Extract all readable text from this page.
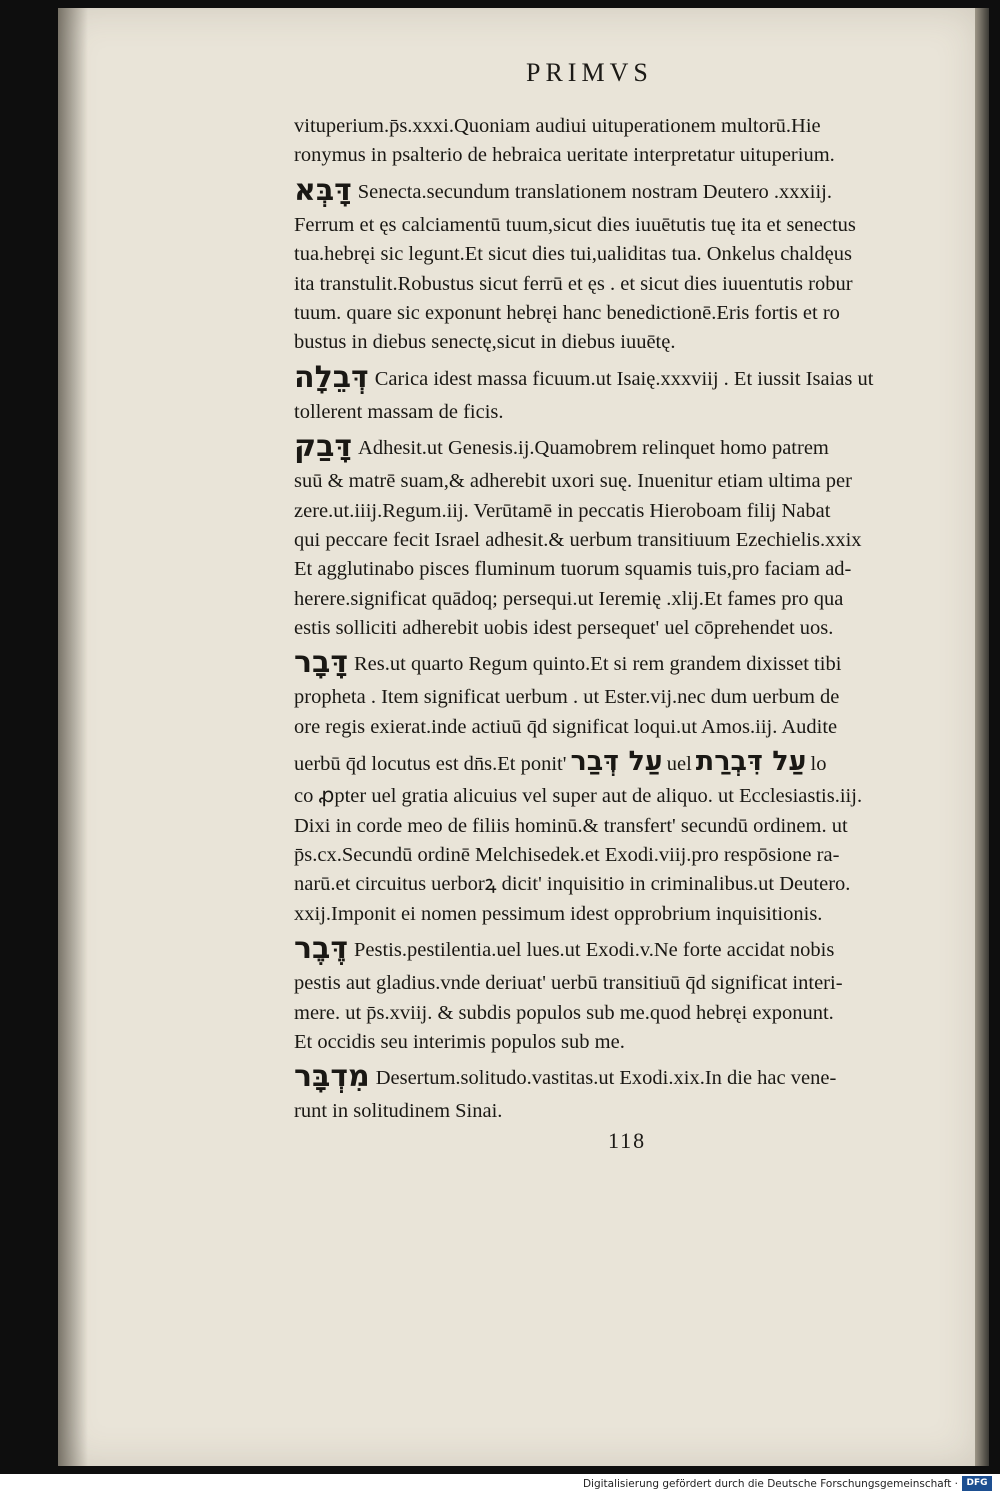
PRIMVS
vituperium.p̄s.xxxi.Quoniam audiui uituperationem multorū.Hie
ronymus in psalterio de hebraica ueritate interpretatur uituperium.
דָּבְּא Senecta.secundum translationem nostram Deutero .xxxiij.
Ferrum et ęs calciamentū tuum,sicut dies iuuētutis tuę ita et senectus
tua.hebręi sic legunt.Et sicut dies tui,ualiditas tua. Onkelus chaldęus
ita transtulit.Robustus sicut ferrū et ęs . et sicut dies iuuentutis robur
tuum. quare sic exponunt hebręi hanc benedictionē.Eris fortis et ro
bustus in diebus senectę,sicut in diebus iuuētę.
דְּבֵלָה Carica idest massa ficuum.ut Isaię.xxxviij . Et iussit Isaias ut
tollerent massam de ficis.
דָּבַק Adhesit.ut Genesis.ij.Quamobrem relinquet homo patrem
suū & matrē suam,& adherebit uxori suę. Inuenitur etiam ultima per
zere.ut.iiij.Regum.iij. Verūtamē in peccatis Hieroboam filij Nabat
qui peccare fecit Israel adhesit.& uerbum transitiuum Ezechielis.xxix
Et agglutinabo pisces fluminum tuorum squamis tuis,pro faciam ad-
herere.significat quādoq; persequi.ut Ieremię .xlij.Et fames pro qua
estis solliciti adherebit uobis idest persequet' uel cōprehendet uos.
דָּבָר Res.ut quarto Regum quinto.Et si rem grandem dixisset tibi
propheta . Item significat uerbum . ut Ester.vij.nec dum uerbum de
ore regis exierat.inde actiuū q̄d significat loqui.ut Amos.iij. Audite
uerbū q̄d locutus est dn̄s.Et ponit' עַל דְּבַר uel עַל דִּבְרַת lo
co ꝓpter uel gratia alicuius vel super aut de aliquo. ut Ecclesiastis.iij.
Dixi in corde meo de filiis hominū.& transfert' secundū ordinem. ut
p̄s.cx.Secundū ordinē Melchisedek.et Exodi.viij.pro respōsione ra-
narū.et circuitus uerborꝝ dicit' inquisitio in criminalibus.ut Deutero.
xxij.Imponit ei nomen pessimum idest opprobrium inquisitionis.
דֶּבֶר Pestis.pestilentia.uel lues.ut Exodi.v.Ne forte accidat nobis
pestis aut gladius.vnde deriuat' uerbū transitiuū q̄d significat interi-
mere. ut p̄s.xviij. & subdis populos sub me.quod hebręi exponunt.
Et occidis seu interimis populos sub me.
מִדְבָּר Desertum.solitudo.vastitas.ut Exodi.xix.In die hac vene-
runt in solitudinem Sinai.
118
Digitalisierung gefördert durch die Deutsche Forschungsgemeinschaft · DFG
